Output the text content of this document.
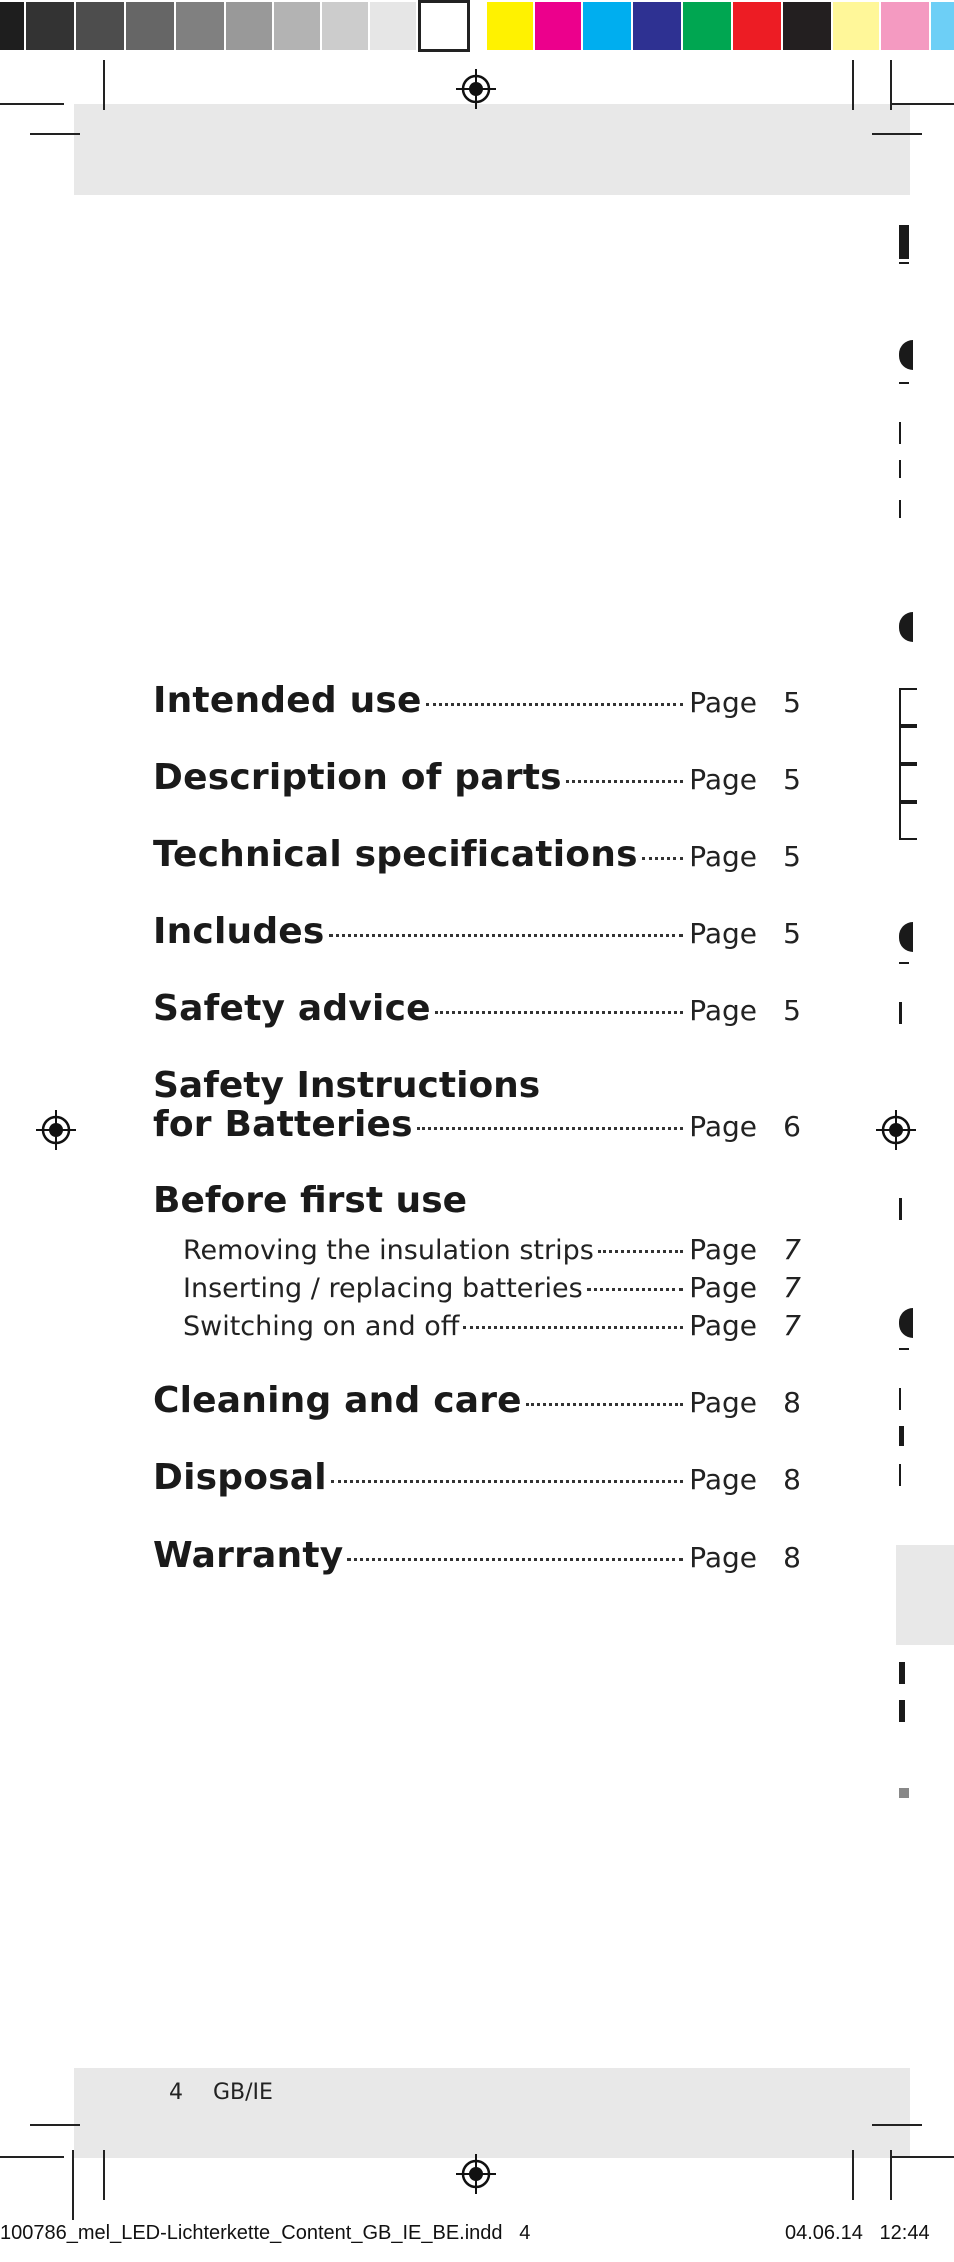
Intended use	Page 5
Description of parts	Page 5
Technical specifications Page 5
Includes	Page 5
Safety advice	Page 5
Safety Instructions
for Batteries	Page 6
Before first use
Removing the insulation strips	Page 7
Inserting / replacing batteries	Page 7
Switching on and off	Page 7
Cleaning and care	Page 8
Disposal	Page 8
Warranty	Page 8
4 GB/IE
100786_mel_LED-Lichterkette_Content_GB_IE_BE.indd   4	04.06.14   12:44
